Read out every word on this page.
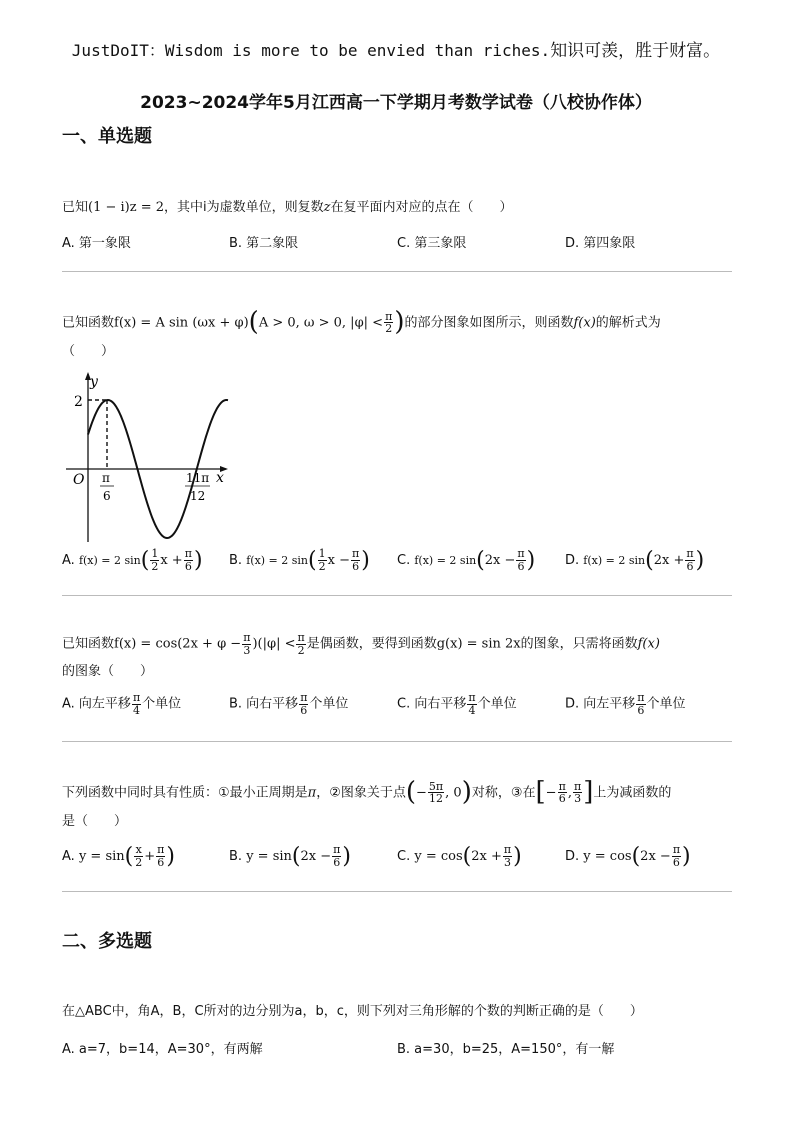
JustDoIT：Wisdom is more to be envied than riches.知识可羡，胜于财富。
2023~2024学年5月江西高一下学期月考数学试卷（八校协作体）
一、单选题
已知(1 − i)z = 2，其中i为虚数单位，则复数z在复平面内对应的点在（　　）
A. 第一象限	B. 第二象限	C. 第三象限	D. 第四象限
已知函数f(x) = A sin (ωx + φ)(A > 0, ω > 0, $|\varphi| < \frac{\pi}{2}$ )的部分图象如图所示，则函数f(x)的解析式为
（　　）
y
x
O
2
π
6
11π
12
A. f(x) = 2 $\sin( \frac{1}{2}$ $x + \frac{\pi}{6}$ ) B. f(x) = 2 $\sin( \frac{1}{2}$ $x - \frac{\pi}{6}$ ) C. f(x) = 2 $\sin(2x - \frac{\pi}{6}$ ) D. f(x) = 2 $\sin(2x + \frac{\pi}{6}$ )
已知函数$f(x) = \cos(2x + \varphi - \frac{\pi}{3} )(|\varphi| < \frac{\pi}{2}$ 是偶函数，要得到函数g(x) = sin 2x的图象，只需将函数f(x)
的图象（　　）
A. 向左平移 $\frac{\pi}{4}$ 个单位	B. 向右平移 $\frac{\pi}{6}$ 个单位	C. 向右平移 $\frac{\pi}{4}$ 个单位	D. 向左平移 $\frac{\pi}{6}$ 个单位
下列函数中同时具有性质：①最小正周期是π，②图象关于点(− $\frac{5\pi}{12}$ , 0)对称，③在[− $\frac{\pi}{6}$ , $\frac{\pi}{3}$ ]上为减函数的
是（　　）
A. $y = \sin( \frac{x}{2} + \frac{\pi}{6}$ )	B. $y = \sin(2x - \frac{\pi}{6}$ )	C. $y = \cos(2x + \frac{\pi}{3}$ )	D. $y = \cos(2x - \frac{\pi}{6}$ )
二、多选题
在△ABC中，角A，B，C所对的边分别为a，b，c，则下列对三角形解的个数的判断正确的是（　　）
A. a=7，b=14，A=30°，有两解	B. a=30，b=25，A=150°，有一解
